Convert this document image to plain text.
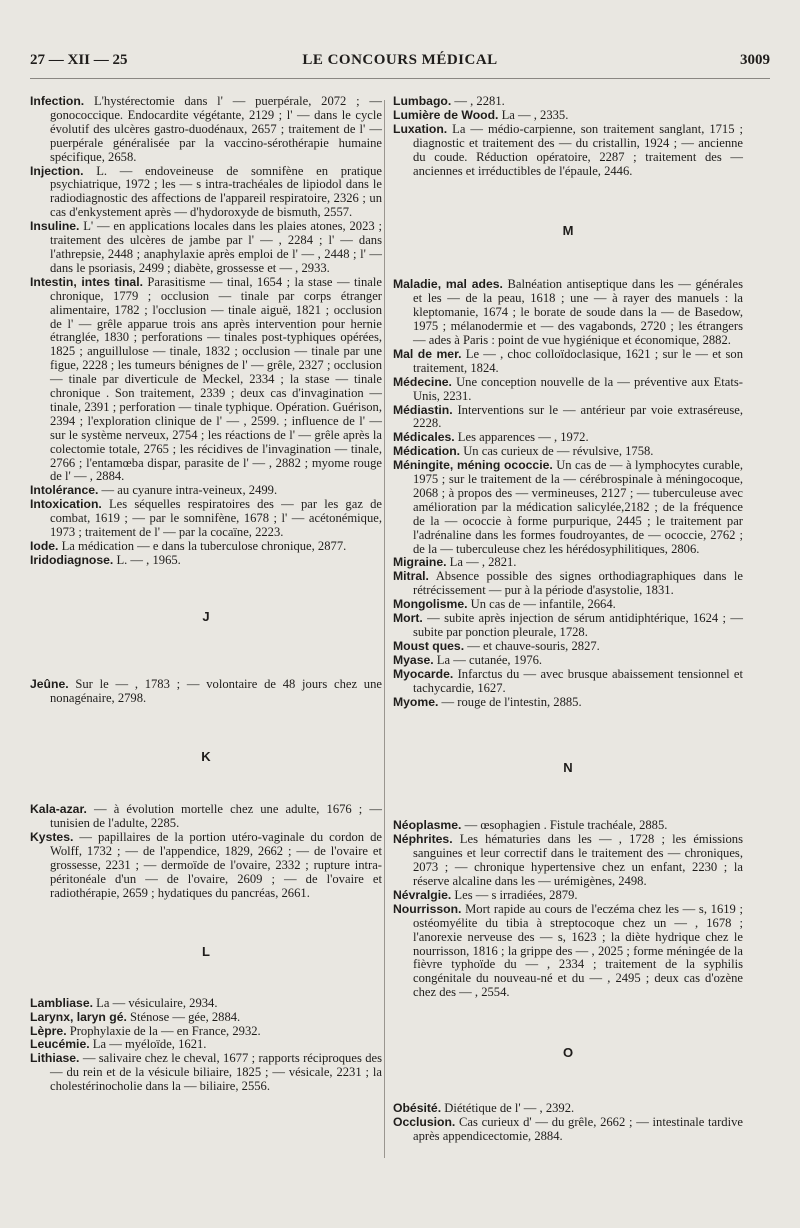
27 — XII — 25	LE CONCOURS MÉDICAL	3009

Infection. L'hystérectomie dans l' — puerpérale, 2072 ; — gonococcique. Endocardite végétante, 2129 ; l' — dans le cycle évolutif des ulcères gastro-duodénaux, 2657 ; traitement de l' — puerpérale généralisée par la vaccino-sérothérapie humaine spécifique, 2658.

Injection. L. — endoveineuse de somnifène en pratique psychiatrique, 1972 ; les — s intra-trachéales de lipiodol dans le radiodiagnostic des affections de l'appareil respiratoire, 2326 ; un cas d'enkystement après — d'hydoroxyde de bismuth, 2557.

Insuline. L' — en applications locales dans les plaies atones, 2023 ; traitement des ulcères de jambe par l' — , 2284 ; l' — dans l'athrepsie, 2448 ; anaphylaxie après emploi de l' — , 2448 ; l' — dans le psoriasis, 2499 ; diabète, grossesse et — , 2933.

Intestin, intes tinal. Parasitisme — tinal, 1654 ; la stase — tinale chronique, 1779 ; occlusion — tinale par corps étranger alimentaire, 1782 ; l'occlusion — tinale aiguë, 1821 ; occlusion de l' — grêle apparue trois ans après intervention pour hernie étranglée, 1830 ; perforations — tinales post-typhiques opérées, 1825 ; anguillulose — tinale, 1832 ; occlusion — tinale par une figue, 2228 ; les tumeurs bénignes de l' — grêle, 2327 ; occlusion — tinale par diverticule de Meckel, 2334 ; la stase — tinale chronique . Son traitement, 2339 ; deux cas d'invagination — tinale, 2391 ; perforation — tinale typhique. Opération. Guérison, 2394 ; l'exploration clinique de l' — , 2599. ; influence de l' — sur le système nerveux, 2754 ; les réactions de l' — grêle après la colectomie totale, 2765 ; les récidives de l'invagination — tinale, 2766 ; l'entamœba dispar, parasite de l' — , 2882 ; myome rouge de l' — , 2884.

Intolérance. — au cyanure intra-veineux, 2499.

Intoxication. Les séquelles respiratoires des — par les gaz de combat, 1619 ; — par le somnifène, 1678 ; l' — acétonémique, 1973 ; traitement de l' — par la cocaïne, 2223.

Iode. La médication — e dans la tuberculose chronique, 2877.

Iridodiagnose. L. — , 1965.

J

Jeûne. Sur le — , 1783 ; — volontaire de 48 jours chez une nonagénaire, 2798.

K

Kala-azar. — à évolution mortelle chez une adulte, 1676 ; — tunisien de l'adulte, 2285.

Kystes. — papillaires de la portion utéro-vaginale du cordon de Wolff, 1732 ; — de l'appendice, 1829, 2662 ; — de l'ovaire et grossesse, 2231 ; — dermoïde de l'ovaire, 2332 ; rupture intra-péritonéale d'un — de l'ovaire, 2609 ; — de l'ovaire et radiothérapie, 2659 ; hydatiques du pancréas, 2661.

L

Lambliase. La — vésiculaire, 2934.

Larynx, laryn gé. Sténose — gée, 2884.

Lèpre. Prophylaxie de la — en France, 2932.

Leucémie. La — myéloïde, 1621.

Lithiase. — salivaire chez le cheval, 1677 ; rapports réciproques des — du rein et de la vésicule biliaire, 1825 ; — vésicale, 2231 ; la cholestérinocholie dans la — biliaire, 2556.

Lumbago. — , 2281.

Lumière de Wood. La — , 2335.

Luxation. La — médio-carpienne, son traitement sanglant, 1715 ; diagnostic et traitement des — du cristallin, 1924 ; — ancienne du coude. Réduction opératoire, 2287 ; traitement des — anciennes et irréductibles de l'épaule, 2446.

M

Maladie, mal ades. Balnéation antiseptique dans les — générales et les — de la peau, 1618 ; une — à rayer des manuels : la kleptomanie, 1674 ; le borate de soude dans la — de Basedow, 1975 ; mélanodermie et — des vagabonds, 2720 ; les étrangers — ades à Paris : point de vue hygiénique et économique, 2882.

Mal de mer. Le — , choc colloïdoclasique, 1621 ; sur le — et son traitement, 1824.

Médecine. Une conception nouvelle de la — préventive aux Etats-Unis, 2231.

Médiastin. Interventions sur le — antérieur par voie extraséreuse, 2228.

Médicales. Les apparences — , 1972.

Médication. Un cas curieux de — révulsive, 1758.

Méningite, méning ococcie. Un cas de — à lymphocytes curable, 1975 ; sur le traitement de la — cérébrospinale à méningocoque, 2068 ; à propos des — vermineuses, 2127 ; — tuberculeuse avec amélioration par la médication salicylée,2182 ; de la fréquence de la — ococcie à forme purpurique, 2445 ; le traitement par l'adrénaline dans les formes foudroyantes, de — ococcie, 2762 ; de la — tuberculeuse chez les hérédosyphilitiques, 2806.

Migraine. La — , 2821.

Mitral. Absence possible des signes orthodiagraphiques dans le rétrécissement — pur à la période d'asystolie, 1831.

Mongolisme. Un cas de — infantile, 2664.

Mort. — subite après injection de sérum antidiphtérique, 1624 ; — subite par ponction pleurale, 1728.

Moust ques. — et chauve-souris, 2827.

Myase. La — cutanée, 1976.

Myocarde. Infarctus du — avec brusque abaissement tensionnel et tachycardie, 1627.

Myome. — rouge de l'intestin, 2885.

N

Néoplasme. — œsophagien . Fistule trachéale, 2885.

Néphrites. Les hématuries dans les — , 1728 ; les émissions sanguines et leur correctif dans le traitement des — chroniques, 2073 ; — chronique hypertensive chez un enfant, 2230 ; la réserve alcaline dans les — urémigènes, 2498.

Névralgie. Les — s irradiées, 2879.

Nourrisson. Mort rapide au cours de l'eczéma chez les — s, 1619 ; ostéomyélite du tibia à streptocoque chez un — , 1678 ; l'anorexie nerveuse des — s, 1623 ; la diète hydrique chez le nourrisson, 1816 ; la grippe des — , 2025 ; forme méningée de la fièvre typhoïde du — , 2334 ; traitement de la syphilis congénitale du nouveau-né et du — , 2495 ; deux cas d'ozène chez des — , 2554.

O

Obésité. Diététique de l' — , 2392.

Occlusion. Cas curieux d' — du grêle, 2662 ; — intestinale tardive après appendicectomie, 2884.
